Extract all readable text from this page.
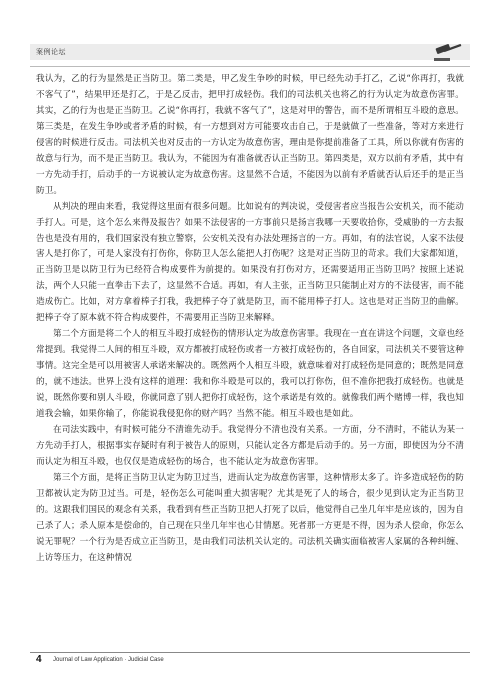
案例论坛

我认为，乙的行为显然是正当防卫。第二类是，甲乙发生争吵的时候，甲已经先动手打乙，乙说“你再打，我就不客气了”，结果甲还是打乙，于是乙反击，把甲打成轻伤。我们的司法机关也将乙的行为认定为故意伤害罪。其实，乙的行为也是正当防卫。乙说“你再打，我就不客气了”，这是对甲的警告，而不是所谓相互斗殴的意思。第三类是，在发生争吵或者矛盾的时候，有一方想到对方可能要攻击自己，于是就做了一些准备，等对方来进行侵害的时候进行反击。司法机关也对反击的一方认定为故意伤害，理由是你提前准备了工具，所以你就有伤害的故意与行为，而不是正当防卫。我认为，不能因为有准备就否认正当防卫。第四类是，双方以前有矛盾，其中有一方先动手打，后动手的一方说被认定为故意伤害。这显然不合适，不能因为以前有矛盾就否认后还手的是正当防卫。

从判决的理由来看，我觉得这里面有很多问题。比如说有的判决说，受侵害者应当报告公安机关，而不能动手打人。可是，这个怎么来得及报告？如果不法侵害的一方事前只是扬言我哪一天要收拾你，受威胁的一方去报告也是没有用的，我们国家没有独立警察，公安机关没有办法处理扬言的一方。再如，有的法官说，人家不法侵害人是打你了，可是人家没有打伤你，你防卫人怎么能把人打伤呢？这是对正当防卫的苛求。我们大家都知道，正当防卫是以防卫行为已经符合构成要件为前提的。如果没有打伤对方，还需要适用正当防卫吗？按照上述说法，两个人只能一直拳击下去了，这显然不合适。再如，有人主张，正当防卫只能制止对方的不法侵害，而不能造成伤亡。比如，对方拿着棒子打我，我把棒子夺了就是防卫，而不能用棒子打人。这也是对正当防卫的曲解。把棒子夺了原本就不符合构成要件，不需要用正当防卫来解释。

第二个方面是将二个人的相互斗殴打成轻伤的情形认定为故意伤害罪。我现在一直在讲这个问题，文章也经常提到。我觉得二人间的相互斗殴，双方都被打成轻伤或者一方被打成轻伤的，各自回家，司法机关不要管这种事情。这完全是可以用被害人承诺来解决的。既然两个人相互斗殴，就意味着对打成轻伤是同意的；既然是同意的，就不违法。世界上没有这样的道理：我和你斗殴是可以的，我可以打你伤，但不准你把我打成轻伤。也就是说，既然你要和别人斗殴，你就同意了别人把你打成轻伤，这个承诺是有效的。就像我们两个赌博一样，我也知道我会输，如果你输了，你能说我侵犯你的财产吗？当然不能。相互斗殴也是如此。

在司法实践中，有时候可能分不清谁先动手。我觉得分不清也没有关系。一方面，分不清时，不能认为某一方先动手打人，根据事实存疑时有利于被告人的原则，只能认定各方都是后动手的。另一方面，即使因为分不清而认定为相互斗殴，也仅仅是造成轻伤的场合，也不能认定为故意伤害罪。

第三个方面，是将正当防卫认定为防卫过当，进而认定为故意伤害罪，这种情形太多了。许多造成轻伤的防卫都被认定为防卫过当。可是，轻伤怎么可能叫重大损害呢？尤其是死了人的场合，很少见到认定为正当防卫的。这跟我们国民的观念有关系，我看到有些正当防卫把人打死了以后，他觉得自己坐几年牢是应该的，因为自己杀了人；杀人原本是偿命的，自己现在只坐几年牢也心甘情愿。死者那一方更是不得，因为杀人偿命，你怎么说无罪呢？一个行为是否成立正当防卫，是由我们司法机关认定的。司法机关确实面临被害人家属的各种纠缠、上访等压力，在这种情况

4 Journal of Law Application · Judicial Case
